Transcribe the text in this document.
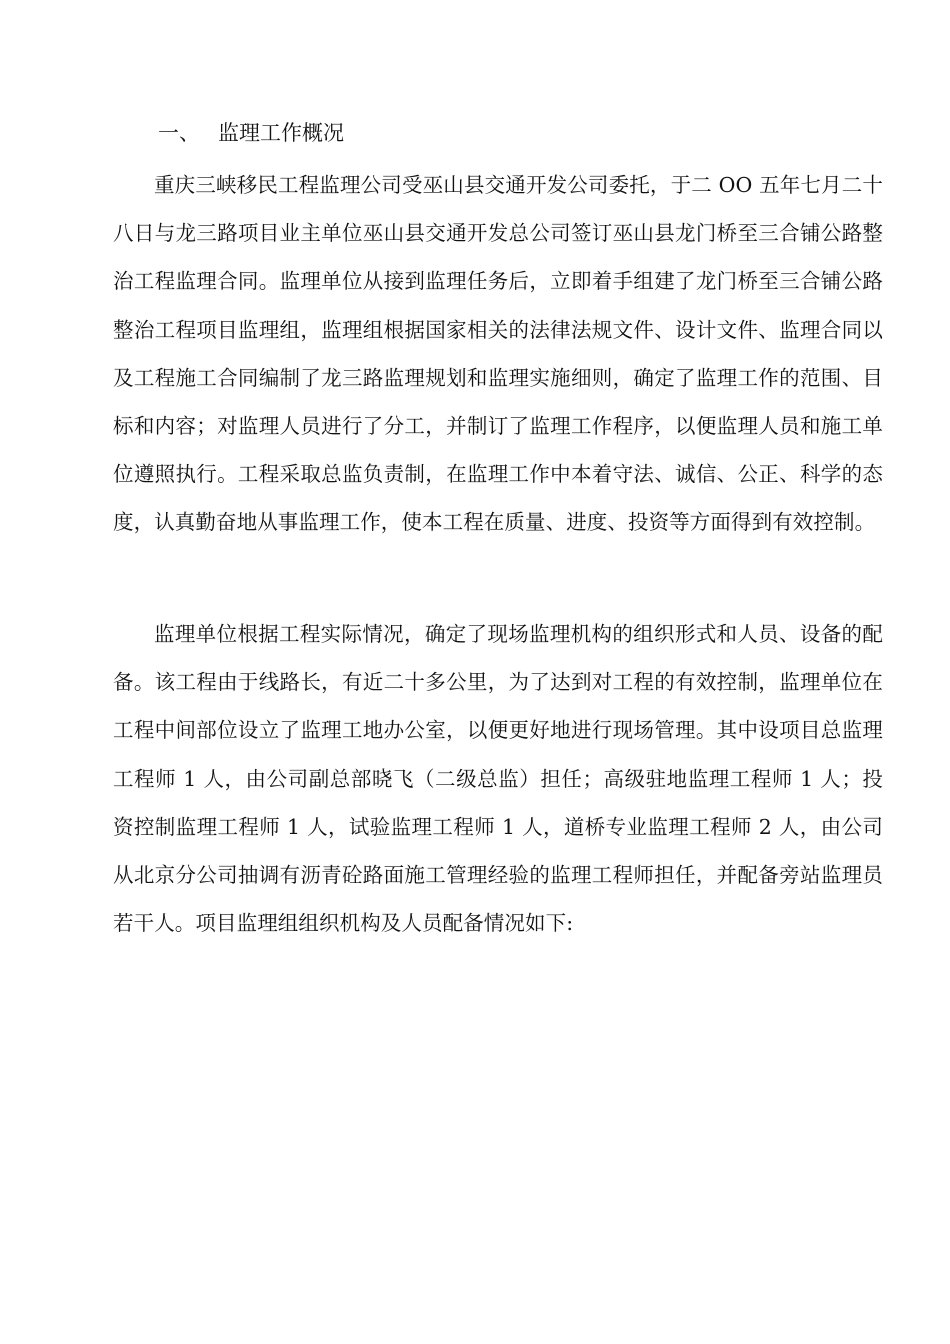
一、 监理工作概况

重庆三峡移民工程监理公司受巫山县交通开发公司委托，于二 OO 五年七月二十八日与龙三路项目业主单位巫山县交通开发总公司签订巫山县龙门桥至三合铺公路整治工程监理合同。监理单位从接到监理任务后，立即着手组建了龙门桥至三合铺公路整治工程项目监理组，监理组根据国家相关的法律法规文件、设计文件、监理合同以及工程施工合同编制了龙三路监理规划和监理实施细则，确定了监理工作的范围、目标和内容；对监理人员进行了分工，并制订了监理工作程序，以便监理人员和施工单位遵照执行。工程采取总监负责制，在监理工作中本着守法、诚信、公正、科学的态度，认真勤奋地从事监理工作，使本工程在质量、进度、投资等方面得到有效控制。

监理单位根据工程实际情况，确定了现场监理机构的组织形式和人员、设备的配备。该工程由于线路长，有近二十多公里，为了达到对工程的有效控制，监理单位在工程中间部位设立了监理工地办公室，以便更好地进行现场管理。其中设项目总监理工程师 1 人，由公司副总部晓飞（二级总监）担任；高级驻地监理工程师 1 人；投资控制监理工程师 1 人，试验监理工程师 1 人，道桥专业监理工程师 2 人，由公司从北京分公司抽调有沥青砼路面施工管理经验的监理工程师担任，并配备旁站监理员若干人。项目监理组组织机构及人员配备情况如下:
